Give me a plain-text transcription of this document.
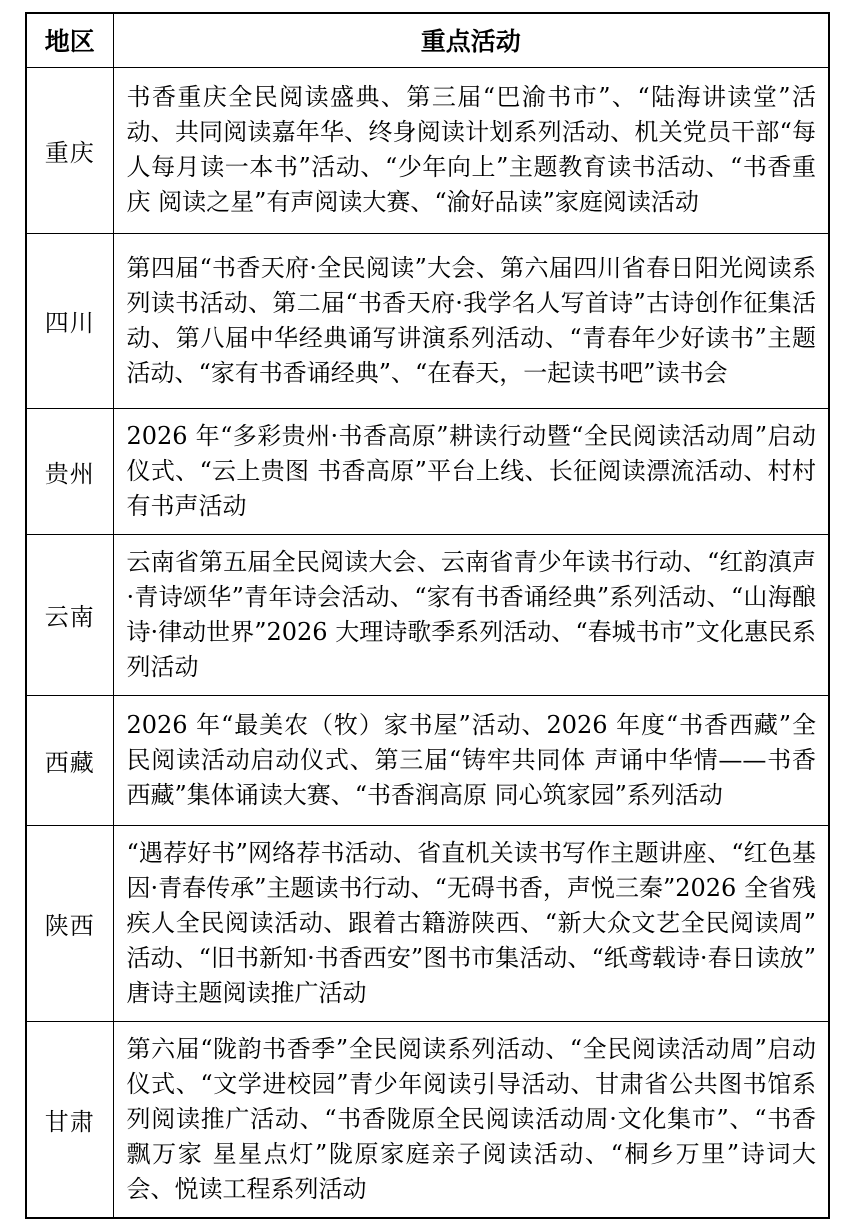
地区	重点活动
重庆	书香重庆全民阅读盛典、第三届“巴渝书市”、“陆海讲读堂”活动、共同阅读嘉年华、终身阅读计划系列活动、机关党员干部“每人每月读一本书”活动、“少年向上”主题教育读书活动、“书香重庆 阅读之星”有声阅读大赛、“渝好品读”家庭阅读活动
四川	第四届“书香天府·全民阅读”大会、第六届四川省春日阳光阅读系列读书活动、第二届“书香天府·我学名人写首诗”古诗创作征集活动、第八届中华经典诵写讲演系列活动、“青春年少好读书”主题活动、“家有书香诵经典”、“在春天，一起读书吧”读书会
贵州	2026 年“多彩贵州·书香高原”耕读行动暨“全民阅读活动周”启动仪式、“云上贵图 书香高原”平台上线、长征阅读漂流活动、村村有书声活动
云南	云南省第五届全民阅读大会、云南省青少年读书行动、“红韵滇声·青诗颂华”青年诗会活动、“家有书香诵经典”系列活动、“山海酿诗·律动世界”2026 大理诗歌季系列活动、“春城书市”文化惠民系列活动
西藏	2026 年“最美农（牧）家书屋”活动、2026 年度“书香西藏”全民阅读活动启动仪式、第三届“铸牢共同体 声诵中华情——书香西藏”集体诵读大赛、“书香润高原 同心筑家园”系列活动
陕西	“遇荐好书”网络荐书活动、省直机关读书写作主题讲座、“红色基因·青春传承”主题读书行动、“无碍书香，声悦三秦”2026 全省残疾人全民阅读活动、跟着古籍游陕西、“新大众文艺全民阅读周”活动、“旧书新知·书香西安”图书市集活动、“纸鸢载诗·春日读放”唐诗主题阅读推广活动
甘肃	第六届“陇韵书香季”全民阅读系列活动、“全民阅读活动周”启动仪式、“文学进校园”青少年阅读引导活动、甘肃省公共图书馆系列阅读推广活动、“书香陇原全民阅读活动周·文化集市”、“书香飘万家 星星点灯”陇原家庭亲子阅读活动、“桐乡万里”诗词大会、悦读工程系列活动
